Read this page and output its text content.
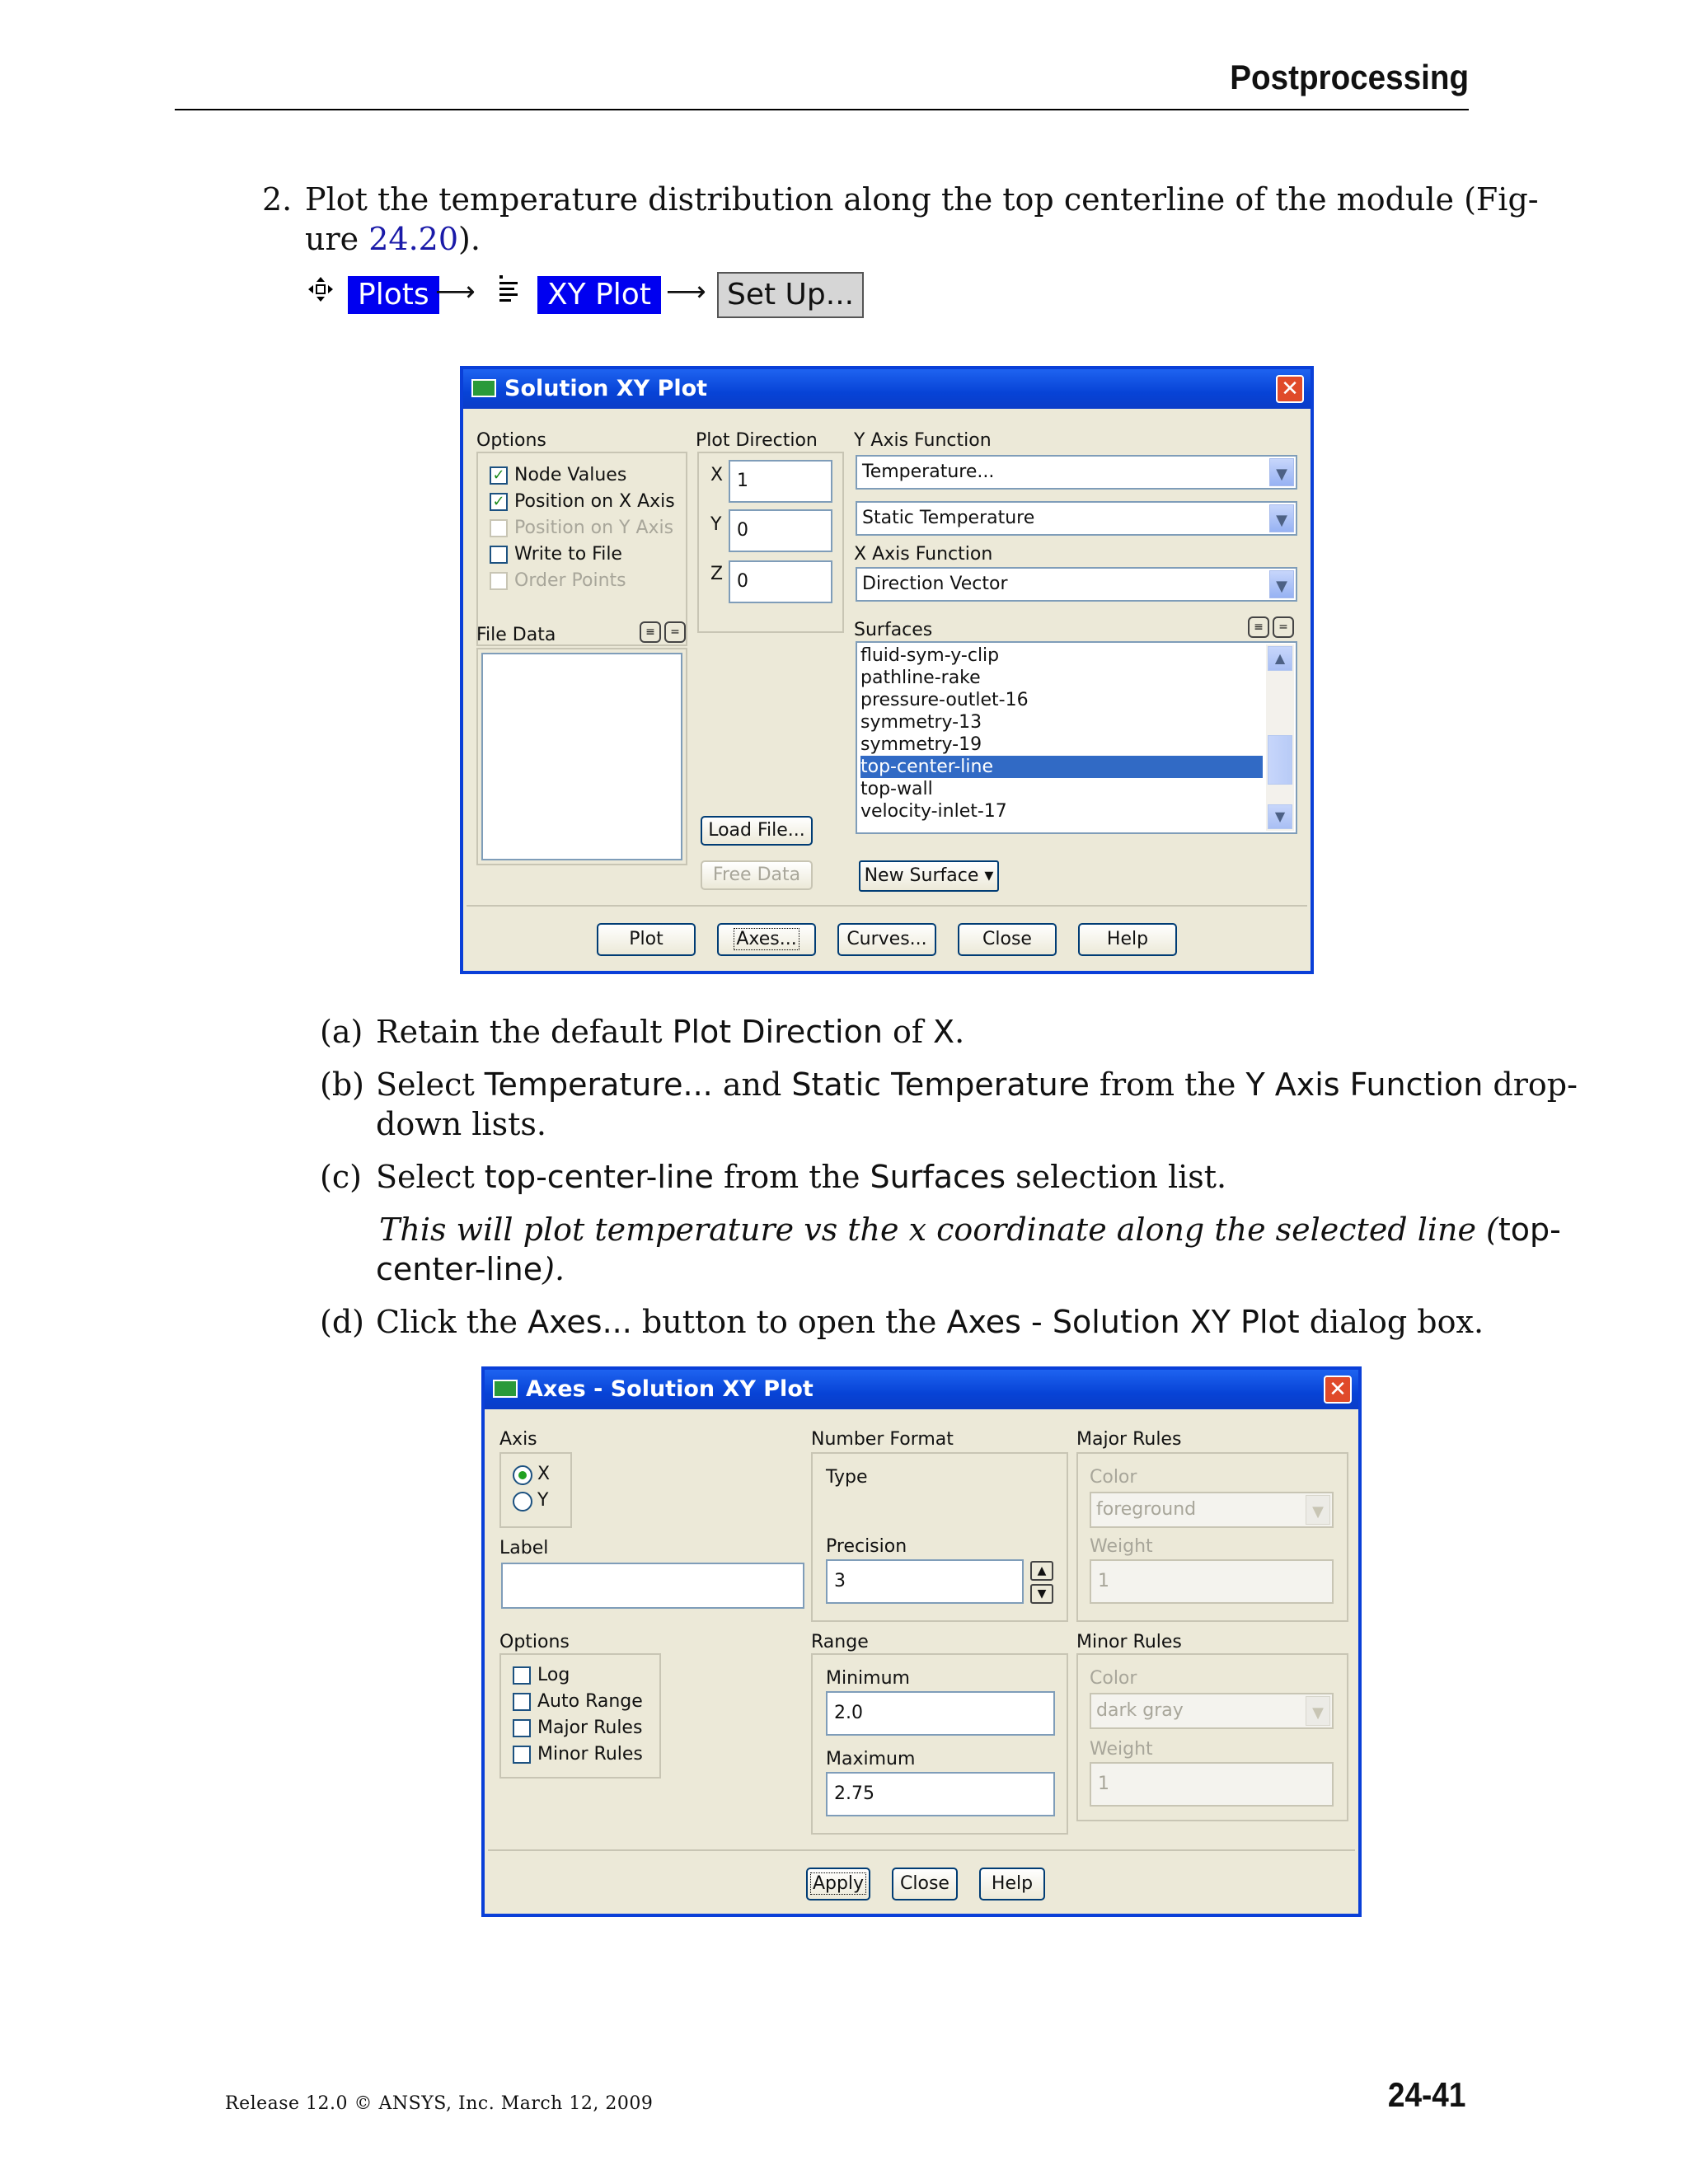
Postprocessing
2. Plot the temperature distribution along the top centerline of the module (Fig-
ure 24.20).
Plots ⟶	XY Plot ⟶ Set Up...
Solution XY Plot	✕
Options
✓ Node Values
✓ Position on X Axis
Position on Y Axis
Write to File
Order Points
File Data	≡	=
Plot Direction
X 1
Y 0
Z 0
Load File...
Free Data
Y Axis Function
Temperature...	▼
Static Temperature	▼
X Axis Function
Direction Vector	▼
Surfaces	≡	=
fluid-sym-y-clip
pathline-rake
pressure-outlet-16
symmetry-13
symmetry-19
top-center-line
top-wall
velocity-inlet-17
▲
▼
New Surface ▾
Plot	Axes...	Curves...	Close	Help
(a) Retain the default Plot Direction of X.
(b) Select Temperature... and Static Temperature from the Y Axis Function drop-
down lists.
(c) Select top-center-line from the Surfaces selection list.
This will plot temperature vs the x coordinate along the selected line (top-
center-line).
(d) Click the Axes... button to open the Axes - Solution XY Plot dialog box.
Axes - Solution XY Plot	✕
Axis
X
Y
Label
Options
Log
Auto Range
Major Rules
Minor Rules
Number Format
Type
Precision
3	▲
▼
Range
Minimum
2.0
Maximum
2.75
Major Rules
Color
foreground	▼
Weight
1
Minor Rules
Color
dark gray	▼
Weight
1
Apply	Close	Help
Release 12.0 © ANSYS, Inc. March 12, 2009	24-41
